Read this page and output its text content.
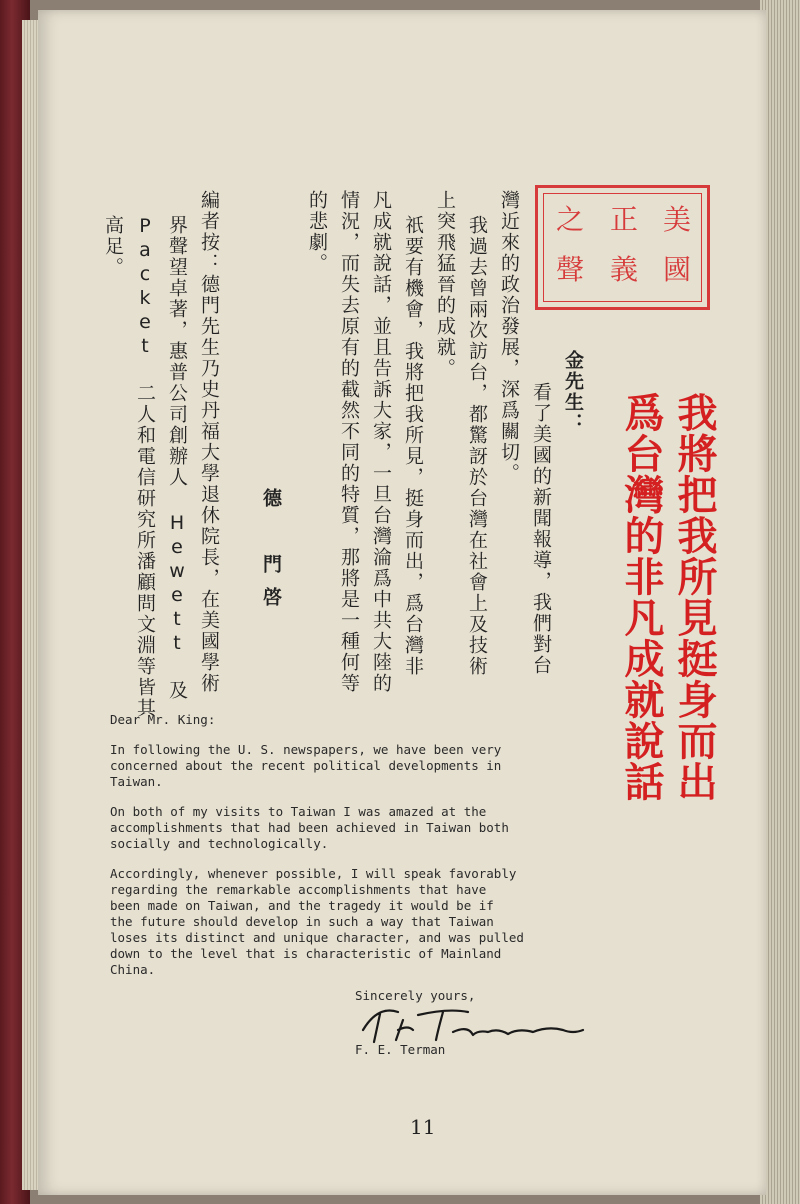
美
國
正
義
之
聲
我將把我所見挺身而出
爲台灣的非凡成就說話
金先生：
看了美國的新聞報導，我們對台
灣近來的政治發展，深爲關切。
我過去曾兩次訪台，都驚訝於台灣在社會上及技術
上突飛猛晉的成就。
祇要有機會，我將把我所見，挺身而出，爲台灣非
凡成就說話，並且告訴大家，一旦台灣淪爲中共大陸的
情況，而失去原有的截然不同的特質，那將是一種何等
的悲劇。
德　門啓
編者按：德門先生乃史丹福大學退休院長，在美國學術
界聲望卓著，惠普公司創辦人 Hewett 及
Packet 二人和電信研究所潘顧問文淵等皆其
高足。

Dear Mr. King:

In following the U. S. newspapers, we have been very
concerned about the recent political developments in
Taiwan.

On both of my visits to Taiwan I was amazed at the
accomplishments that had been achieved in Taiwan both
socially and technologically.

Accordingly, whenever possible, I will speak favorably
regarding the remarkable accomplishments that have
been made on Taiwan, and the tragedy it would be if
the future should develop in such a way that Taiwan
loses its distinct and unique character, and was pulled
down to the level that is characteristic of Mainland
China.

Sincerely yours,
F. E. Terman
11
